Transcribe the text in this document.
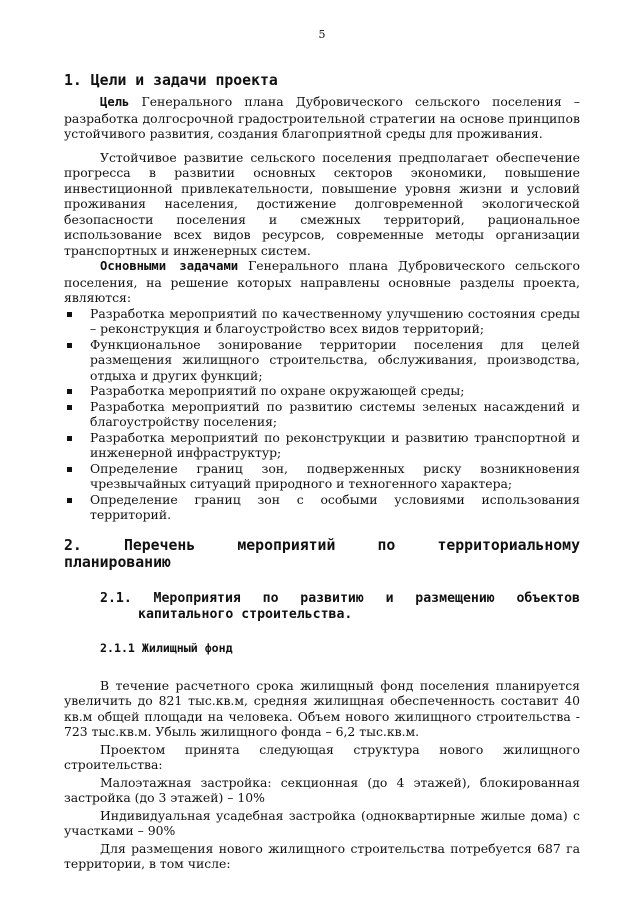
5
1. Цели и задачи проекта

Цель Генерального плана Дубровического сельского поселения – разработка долгосрочной градостроительной стратегии на основе принципов устойчивого развития, создания благоприятной среды для проживания.

Устойчивое развитие сельского поселения предполагает обеспечение прогресса в развитии основных секторов экономики, повышение инвестиционной привлекательности, повышение уровня жизни и условий проживания населения, достижение долговременной экологической безопасности поселения и смежных территорий, рациональное использование всех видов ресурсов, современные методы организации транспортных и инженерных систем.

Основными задачами Генерального плана Дубровического сельского поселения, на решение которых направлены основные разделы проекта, являются:

Разработка мероприятий по качественному улучшению состояния среды – реконструкция и благоустройство всех видов территорий;
Функциональное зонирование территории поселения для целей размещения жилищного строительства, обслуживания, производства, отдыха и других функций;
Разработка мероприятий по охране окружающей среды;
Разработка мероприятий по развитию системы зеленых насаждений и благоустройству поселения;
Разработка мероприятий по реконструкции и развитию транспортной и инженерной инфраструктур;
Определение границ зон, подверженных риску возникновения чрезвычайных ситуаций природного и техногенного характера;
Определение границ зон с особыми условиями использования территорий.
2. Перечень мероприятий по территориальному
планированию
2.1. Мероприятия по развитию и размещению объектов капитального строительства.
2.1.1 Жилищный фонд

В течение расчетного срока жилищный фонд поселения планируется увеличить до 821 тыс.кв.м, средняя жилищная обеспеченность составит 40 кв.м общей площади на человека. Объем нового жилищного строительства - 723 тыс.кв.м. Убыль жилищного фонда – 6,2 тыс.кв.м.

Проектом принята следующая структура нового жилищного строительства:

Малоэтажная застройка: секционная (до 4 этажей), блокированная застройка (до 3 этажей) – 10%

Индивидуальная усадебная застройка (одноквартирные жилые дома) с участками – 90%

Для размещения нового жилищного строительства потребуется 687 га территории, в том числе:
